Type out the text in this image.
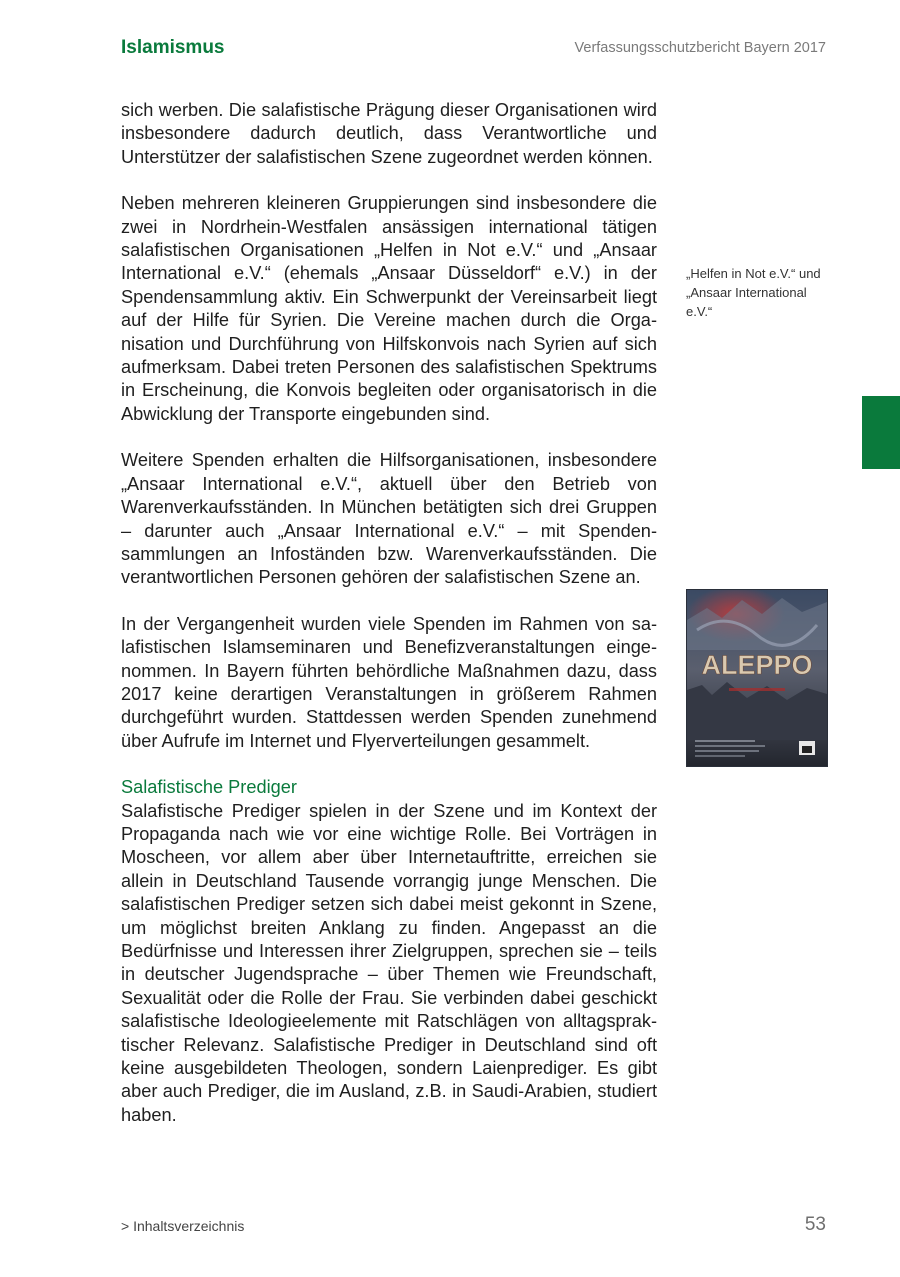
Islamismus	Verfassungsschutzbericht Bayern 2017

sich werben. Die salafistische Prägung dieser Organisationen wird insbesondere dadurch deutlich, dass Verantwortliche und Unterstützer der salafistischen Szene zugeordnet werden können.

Neben mehreren kleineren Gruppierungen sind insbesondere die zwei in Nordrhein-Westfalen ansässigen international tätigen salafistischen Organisationen „Helfen in Not e.V.“ und „Ansaar International e.V.“ (ehemals „Ansaar Düsseldorf“ e.V.) in der Spendensammlung aktiv. Ein Schwerpunkt der Vereinsarbeit liegt auf der Hilfe für Syrien. Die Vereine machen durch die Organisation und Durchführung von Hilfskonvois nach Syrien auf sich aufmerksam. Dabei treten Personen des salafistischen Spektrums in Erscheinung, die Konvois begleiten oder organisatorisch in die Abwicklung der Transporte eingebunden sind.

Weitere Spenden erhalten die Hilfsorganisationen, insbesondere „Ansaar International e.V.“, aktuell über den Betrieb von Warenverkaufsständen. In München betätigten sich drei Gruppen – darunter auch „Ansaar International e.V.“ – mit Spendensammlungen an Infoständen bzw. Warenverkaufsständen. Die verantwortlichen Personen gehören der salafistischen Szene an.

In der Vergangenheit wurden viele Spenden im Rahmen von salafistischen Islamseminaren und Benefizveranstaltungen eingenommen. In Bayern führten behördliche Maßnahmen dazu, dass 2017 keine derartigen Veranstaltungen in größerem Rahmen durchgeführt wurden. Stattdessen werden Spenden zunehmend über Aufrufe im Internet und Flyerverteilungen gesammelt.

Salafistische Prediger

Salafistische Prediger spielen in der Szene und im Kontext der Propaganda nach wie vor eine wichtige Rolle. Bei Vorträgen in Moscheen, vor allem aber über Internetauftritte, erreichen sie allein in Deutschland Tausende vorrangig junge Menschen. Die salafistischen Prediger setzen sich dabei meist gekonnt in Szene, um möglichst breiten Anklang zu finden. Angepasst an die Bedürfnisse und Interessen ihrer Zielgruppen, sprechen sie – teils in deutscher Jugendsprache – über Themen wie Freundschaft, Sexualität oder die Rolle der Frau. Sie verbinden dabei geschickt salafistische Ideologieelemente mit Ratschlägen von alltagspraktischer Relevanz. Salafistische Prediger in Deutschland sind oft keine ausgebildeten Theologen, sondern Laienprediger. Es gibt aber auch Prediger, die im Ausland, z.B. in Saudi-Arabien, studiert haben.

„Helfen in Not e.V.“ und „Ansaar International e.V.“
ALEPPO
> Inhaltsverzeichnis	53
